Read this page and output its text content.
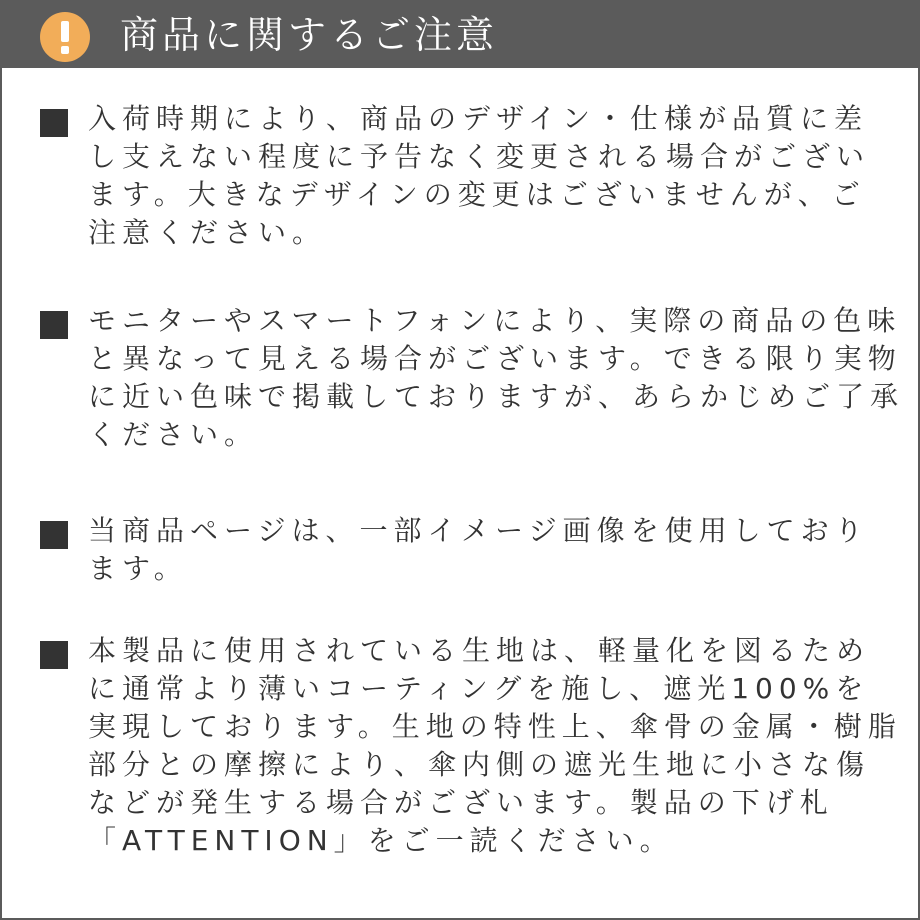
商品に関するご注意
入荷時期により、商品のデザイン・仕様が品質に差
し支えない程度に予告なく変更される場合がござい
ます。大きなデザインの変更はございませんが、ご
注意ください。
モニターやスマートフォンにより、実際の商品の色味
と異なって見える場合がございます。できる限り実物
に近い色味で掲載しておりますが、あらかじめご了承
ください。
当商品ページは、一部イメージ画像を使用しており
ます。
本製品に使用されている生地は、軽量化を図るため
に通常より薄いコーティングを施し、遮光100%を
実現しております。生地の特性上、傘骨の金属・樹脂
部分との摩擦により、傘内側の遮光生地に小さな傷
などが発生する場合がございます。製品の下げ札
「ATTENTION」をご一読ください。
